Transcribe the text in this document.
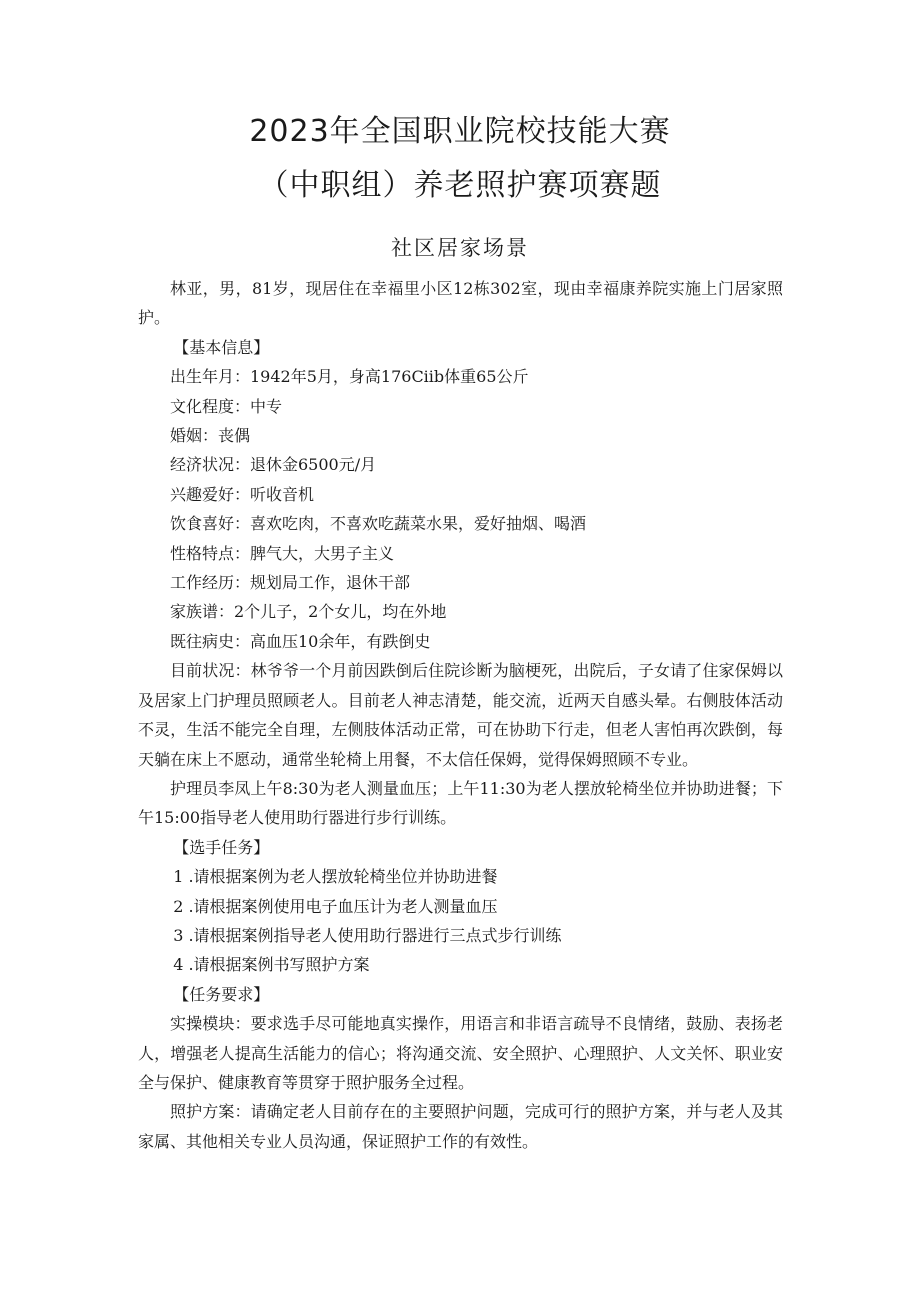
2023年全国职业院校技能大赛
（中职组）养老照护赛项赛题
社区居家场景

林亚，男，81岁，现居住在幸福里小区12栋302室，现由幸福康养院实施上门居家照护。

【基本信息】

出生年月：1942年5月，身高176Ciib体重65公斤

文化程度：中专

婚姻：丧偶

经济状况：退休金6500元/月

兴趣爱好：听收音机

饮食喜好：喜欢吃肉，不喜欢吃蔬菜水果，爱好抽烟、喝酒

性格特点：脾气大，大男子主义

工作经历：规划局工作，退休干部

家族谱：2个儿子，2个女儿，均在外地

既往病史：高血压10余年，有跌倒史

目前状况：林爷爷一个月前因跌倒后住院诊断为脑梗死，出院后，子女请了住家保姆以及居家上门护理员照顾老人。目前老人神志清楚，能交流，近两天自感头晕。右侧肢体活动不灵，生活不能完全自理，左侧肢体活动正常，可在协助下行走，但老人害怕再次跌倒，每天躺在床上不愿动，通常坐轮椅上用餐，不太信任保姆，觉得保姆照顾不专业。

护理员李凤上午8:30为老人测量血压；上午11:30为老人摆放轮椅坐位并协助进餐；下午15:00指导老人使用助行器进行步行训练。

【选手任务】

1 .请根据案例为老人摆放轮椅坐位并协助进餐

2 .请根据案例使用电子血压计为老人测量血压

3 .请根据案例指导老人使用助行器进行三点式步行训练

4 .请根据案例书写照护方案

【任务要求】

实操模块：要求选手尽可能地真实操作，用语言和非语言疏导不良情绪，鼓励、表扬老人，增强老人提高生活能力的信心；将沟通交流、安全照护、心理照护、人文关怀、职业安全与保护、健康教育等贯穿于照护服务全过程。

照护方案：请确定老人目前存在的主要照护问题，完成可行的照护方案，并与老人及其家属、其他相关专业人员沟通，保证照护工作的有效性。
